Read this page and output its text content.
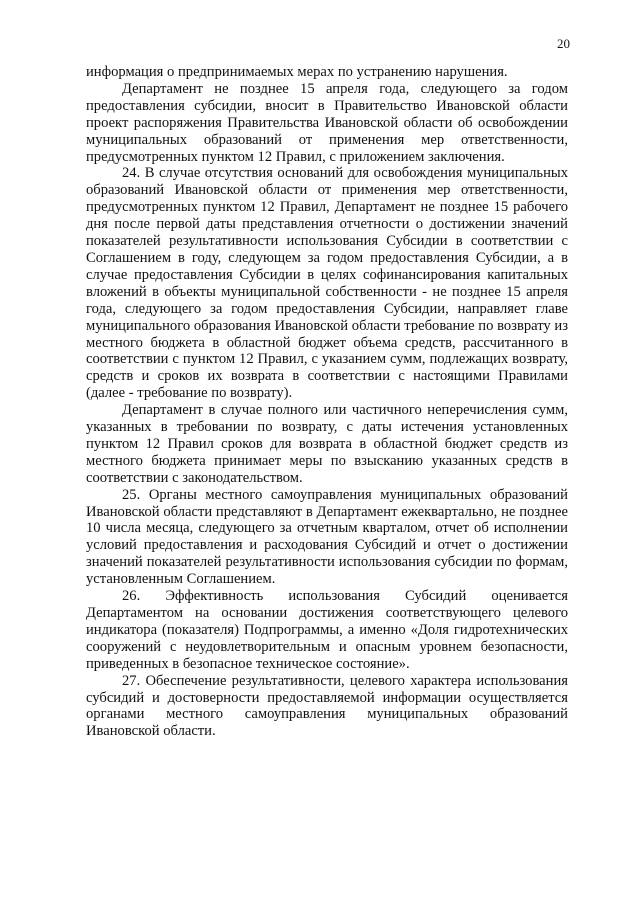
20

информация о предпринимаемых мерах по устранению нарушения.

Департамент не позднее 15 апреля года, следующего за годом предоставления субсидии, вносит в Правительство Ивановской области проект распоряжения Правительства Ивановской области об освобождении муниципальных образований от применения мер ответственности, предусмотренных пунктом 12 Правил, с приложением заключения.

24. В случае отсутствия оснований для освобождения муниципальных образований Ивановской области от применения мер ответственности, предусмотренных пунктом 12 Правил, Департамент не позднее 15 рабочего дня после первой даты представления отчетности о достижении значений показателей результативности использования Субсидии в соответствии с Соглашением в году, следующем за годом предоставления Субсидии, а в случае предоставления Субсидии в целях софинансирования капитальных вложений в объекты муниципальной собственности - не позднее 15 апреля года, следующего за годом предоставления Субсидии, направляет главе муниципального образования Ивановской области требование по возврату из местного бюджета в областной бюджет объема средств, рассчитанного в соответствии с пунктом 12 Правил, с указанием сумм, подлежащих возврату, средств и сроков их возврата в соответствии с настоящими Правилами (далее - требование по возврату).

Департамент в случае полного или частичного неперечисления сумм, указанных в требовании по возврату, с даты истечения установленных пунктом 12 Правил сроков для возврата в областной бюджет средств из местного бюджета принимает меры по взысканию указанных средств в соответствии с законодательством.

25. Органы местного самоуправления муниципальных образований Ивановской области представляют в Департамент ежеквартально, не позднее 10 числа месяца, следующего за отчетным кварталом, отчет об исполнении условий предоставления и расходования Субсидий и отчет о достижении значений показателей результативности использования субсидии по формам, установленным Соглашением.

26. Эффективность использования Субсидий оценивается Департаментом на основании достижения соответствующего целевого индикатора (показателя) Подпрограммы, а именно «Доля гидротехнических сооружений с неудовлетворительным и опасным уровнем безопасности, приведенных в безопасное техническое состояние».

27. Обеспечение результативности, целевого характера использования субсидий и достоверности предоставляемой информации осуществляется органами местного самоуправления муниципальных образований Ивановской области.
